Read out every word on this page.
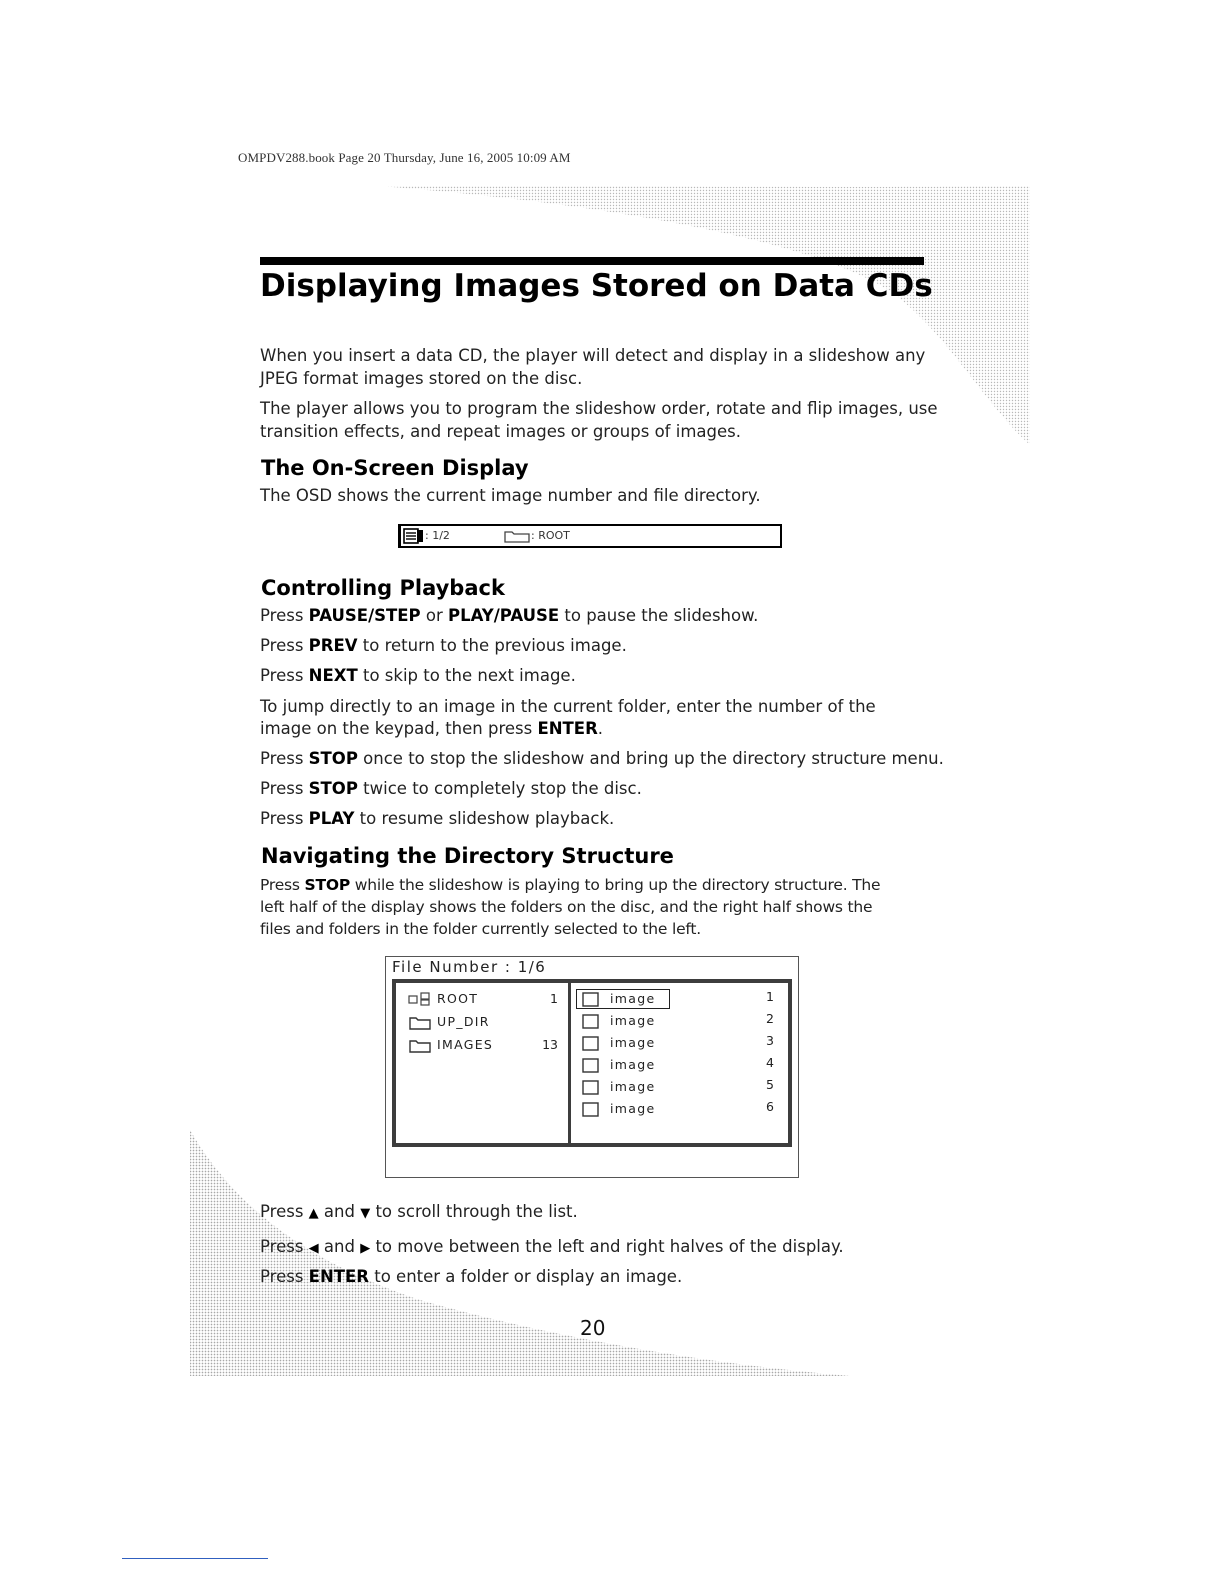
OMPDV288.book Page 20 Thursday, June 16, 2005 10:09 AM
Displaying Images Stored on Data CDs

When you insert a data CD, the player will detect and display in a slideshow any JPEG format images stored on the disc.

The player allows you to program the slideshow order, rotate and flip images, use transition effects, and repeat images or groups of images.

The On-Screen Display
The OSD shows the current image number and file directory.
: 1/2	: ROOT
Controlling Playback
Press PAUSE/STEP or PLAY/PAUSE to pause the slideshow.
Press PREV to return to the previous image.
Press NEXT to skip to the next image.
To jump directly to an image in the current folder, enter the number of the
image on the keypad, then press ENTER.
Press STOP once to stop the slideshow and bring up the directory structure menu.
Press STOP twice to completely stop the disc.
Press PLAY to resume slideshow playback.
Navigating the Directory Structure
Press STOP while the slideshow is playing to bring up the directory structure. The
left half of the display shows the folders on the disc, and the right half shows the
files and folders in the folder currently selected to the left.
File Number : 1/6
ROOT	1
UP_DIR
IMAGES	13
image	1
image	2
image	3
image	4
image	5
image	6
Press ▲ and ▼ to scroll through the list.
Press ◀ and ▶ to move between the left and right halves of the display.
Press ENTER to enter a folder or display an image.
20
